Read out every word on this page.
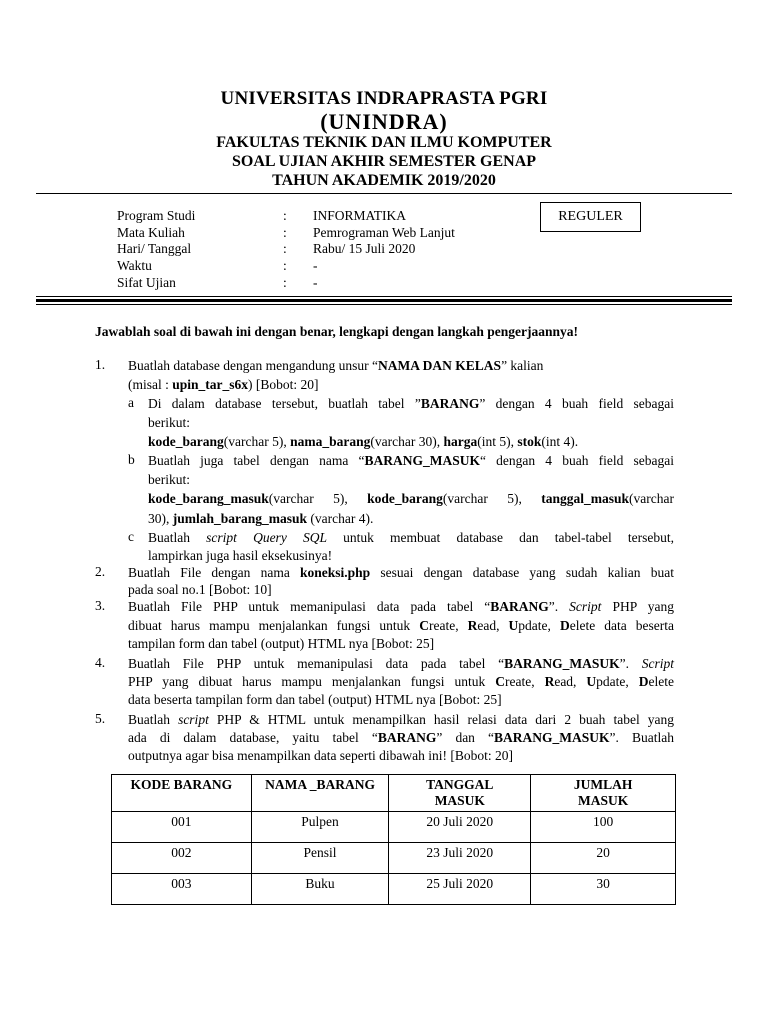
UNIVERSITAS INDRAPRASTA PGRI
(UNINDRA)
FAKULTAS TEKNIK DAN ILMU KOMPUTER
SOAL UJIAN AKHIR SEMESTER GENAP
TAHUN AKADEMIK 2019/2020
Program Studi	: INFORMATIKA
Mata Kuliah	: Pemrograman Web Lanjut
Hari/ Tanggal	: Rabu/ 15 Juli 2020
Waktu	: -
Sifat Ujian	: -
REGULER
Jawablah soal di bawah ini dengan benar, lengkapi dengan langkah pengerjaannya!
1. Buatlah database dengan mengandung unsur “NAMA DAN KELAS” kalian
(misal : upin_tar_s6x) [Bobot: 20]
a Di dalam database tersebut, buatlah tabel ”BARANG” dengan 4 buah field sebagai
berikut:
kode_barang(varchar 5), nama_barang(varchar 30), harga(int 5), stok(int 4).
b Buatlah juga tabel dengan nama “BARANG_MASUK“ dengan 4 buah field sebagai
berikut:
kode_barang_masuk(varchar 5), kode_barang(varchar 5), tanggal_masuk(varchar
30), jumlah_barang_masuk (varchar 4).
c Buatlah script Query SQL untuk membuat database dan tabel-tabel tersebut,
lampirkan juga hasil eksekusinya!
2. Buatlah File dengan nama koneksi.php sesuai dengan database yang sudah kalian buat
pada soal no.1 [Bobot: 10]
3. Buatlah File PHP untuk memanipulasi data pada tabel “BARANG”. Script PHP yang
dibuat harus mampu menjalankan fungsi untuk Create, Read, Update, Delete data beserta
tampilan form dan tabel (output) HTML nya [Bobot: 25]
4. Buatlah File PHP untuk memanipulasi data pada tabel “BARANG_MASUK”. Script
PHP yang dibuat harus mampu menjalankan fungsi untuk Create, Read, Update, Delete
data beserta tampilan form dan tabel (output) HTML nya [Bobot: 25]
5. Buatlah script PHP & HTML untuk menampilkan hasil relasi data dari 2 buah tabel yang
ada di dalam database, yaitu tabel “BARANG” dan “BARANG_MASUK”. Buatlah
outputnya agar bisa menampilkan data seperti dibawah ini! [Bobot: 20]
KODE BARANG	NAMA _BARANG	TANGGAL MASUK	JUMLAH MASUK
001	Pulpen	20 Juli 2020	100
002	Pensil	23 Juli 2020	20
003	Buku	25 Juli 2020	30
